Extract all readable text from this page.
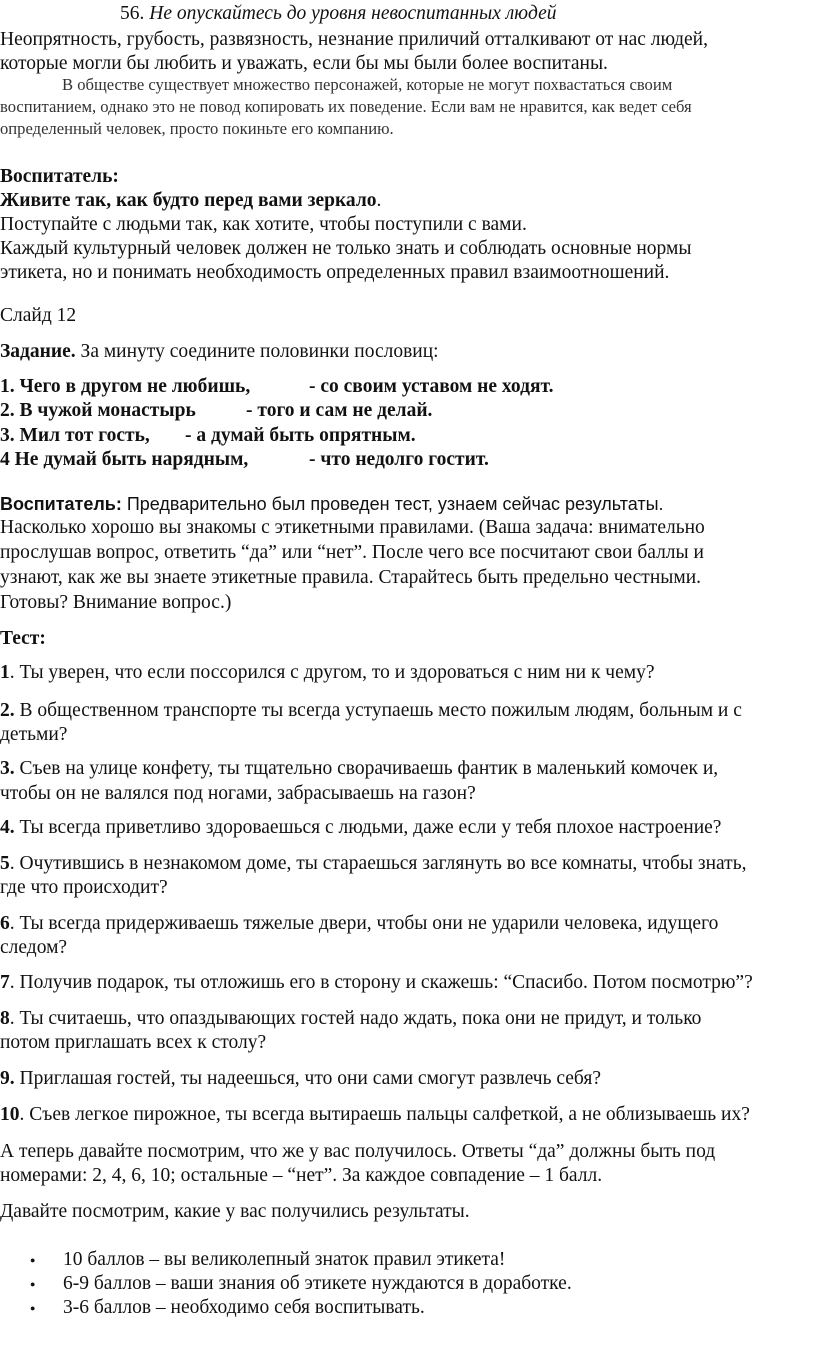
56. Не опускайтесь до уровня невоспитанных людей
Неопрятность, грубость, развязность, незнание приличий отталкивают от нас людей,
которые могли бы любить и уважать, если бы мы были более воспитаны.
В обществе существует множество персонажей, которые не могут похвастаться своим
воспитанием, однако это не повод копировать их поведение. Если вам не нравится, как ведет себя
определенный человек, просто покиньте его компанию.
Воспитатель:
Живите так, как будто перед вами зеркало.
Поступайте с людьми так, как хотите, чтобы поступили с вами.
Каждый культурный человек должен не только знать и соблюдать основные нормы
этикета, но и понимать необходимость определенных правил взаимоотношений.
Слайд 12
Задание. За минуту соедините половинки пословиц:
1. Чего в другом не любишь,	- со своим уставом не ходят.
2. В чужой монастырь	- того и сам не делай.
3. Мил тот гость, - а думай быть опрятным.
4 Не думай быть нарядным,	- что недолго гостит.
Воспитатель: Предварительно был проведен тест, узнаем сейчас результаты.
Насколько хорошо вы знакомы с этикетными правилами. (Ваша задача: внимательно
прослушав вопрос, ответить “да” или “нет”. После чего все посчитают свои баллы и
узнают, как же вы знаете этикетные правила. Старайтесь быть предельно честными.
Готовы? Внимание вопрос.)
Тест:
1. Ты уверен, что если поссорился с другом, то и здороваться с ним ни к чему?
2. В общественном транспорте ты всегда уступаешь место пожилым людям, больным и с
детьми?
3. Съев на улице конфету, ты тщательно сворачиваешь фантик в маленький комочек и,
чтобы он не валялся под ногами, забрасываешь на газон?
4. Ты всегда приветливо здороваешься с людьми, даже если у тебя плохое настроение?
5. Очутившись в незнакомом доме, ты стараешься заглянуть во все комнаты, чтобы знать,
где что происходит?
6. Ты всегда придерживаешь тяжелые двери, чтобы они не ударили человека, идущего
следом?
7. Получив подарок, ты отложишь его в сторону и скажешь: “Спасибо. Потом посмотрю”?
8. Ты считаешь, что опаздывающих гостей надо ждать, пока они не придут, и только
потом приглашать всех к столу?
9. Приглашая гостей, ты надеешься, что они сами смогут развлечь себя?
10. Съев легкое пирожное, ты всегда вытираешь пальцы салфеткой, а не облизываешь их?
А теперь давайте посмотрим, что же у вас получилось. Ответы “да” должны быть под
номерами: 2, 4, 6, 10; остальные – “нет”. За каждое совпадение – 1 балл.
Давайте посмотрим, какие у вас получились результаты.
● 10 баллов – вы великолепный знаток правил этикета!
● 6-9 баллов – ваши знания об этикете нуждаются в доработке.
● 3-6 баллов – необходимо себя воспитывать.
